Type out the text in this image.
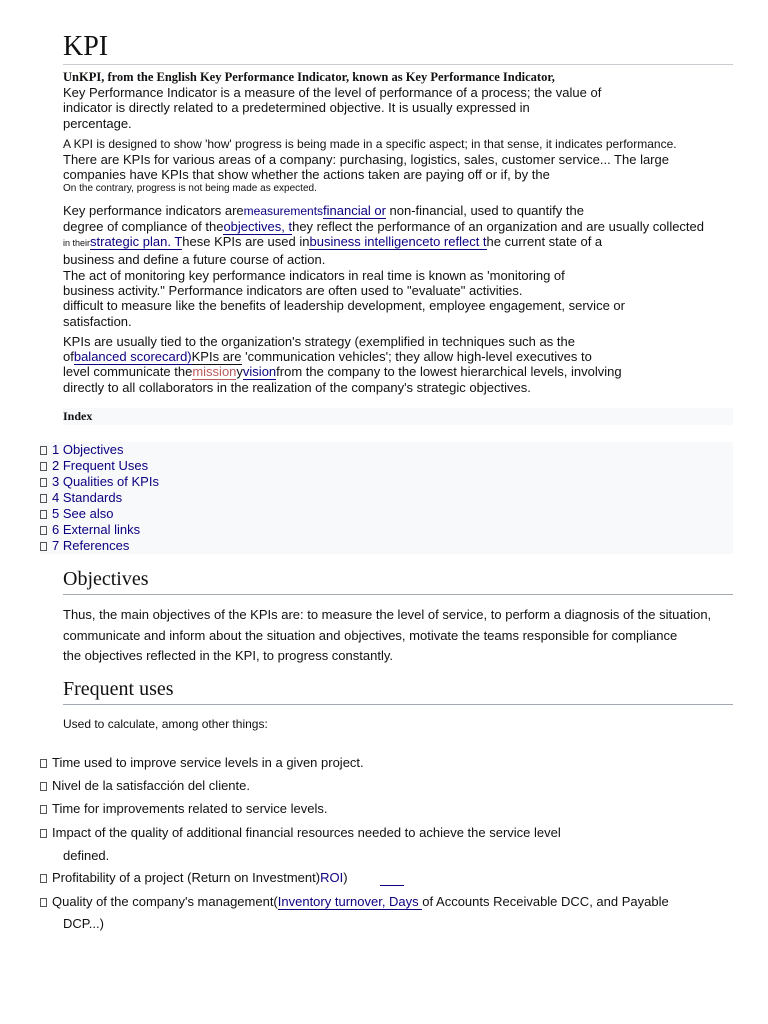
KPI
UnKPI, from the English Key Performance Indicator, known as Key Performance Indicator,
Key Performance Indicator is a measure of the level of performance of a process; the value of
indicator is directly related to a predetermined objective. It is usually expressed in
percentage.
A KPI is designed to show 'how' progress is being made in a specific aspect; in that sense, it indicates performance.
There are KPIs for various areas of a company: purchasing, logistics, sales, customer service... The large
companies have KPIs that show whether the actions taken are paying off or if, by the
On the contrary, progress is not being made as expected.
Key performance indicators aremeasurementsfinancial or non-financial, used to quantify the
degree of compliance of theobjectives, they reflect the performance of an organization and are usually collected
in theirstrategic plan. These KPIs are used inbusiness intelligenceto reflect the current state of a
business and define a future course of action.
The act of monitoring key performance indicators in real time is known as 'monitoring of
business activity." Performance indicators are often used to "evaluate" activities.
difficult to measure like the benefits of leadership development, employee engagement, service or
satisfaction.
KPIs are usually tied to the organization's strategy (exemplified in techniques such as the
ofbalanced scorecard)KPIs are 'communication vehicles'; they allow high-level executives to
level communicate themissionyvisionfrom the company to the lowest hierarchical levels, involving
directly to all collaborators in the realization of the company's strategic objectives.
Index
1 Objectives
2 Frequent Uses
3 Qualities of KPIs
4 Standards
5 See also
6 External links
7 References
Objectives
Thus, the main objectives of the KPIs are: to measure the level of service, to perform a diagnosis of the situation,
communicate and inform about the situation and objectives, motivate the teams responsible for compliance
the objectives reflected in the KPI, to progress constantly.
Frequent uses
Used to calculate, among other things:
Time used to improve service levels in a given project.
Nivel de la satisfacción del cliente.
Time for improvements related to service levels.
Impact of the quality of additional financial resources needed to achieve the service level
defined.
Profitability of a project (Return on Investment)ROI)
Quality of the company's management(Inventory turnover, Days of Accounts Receivable DCC, and Payable
DCP...)
